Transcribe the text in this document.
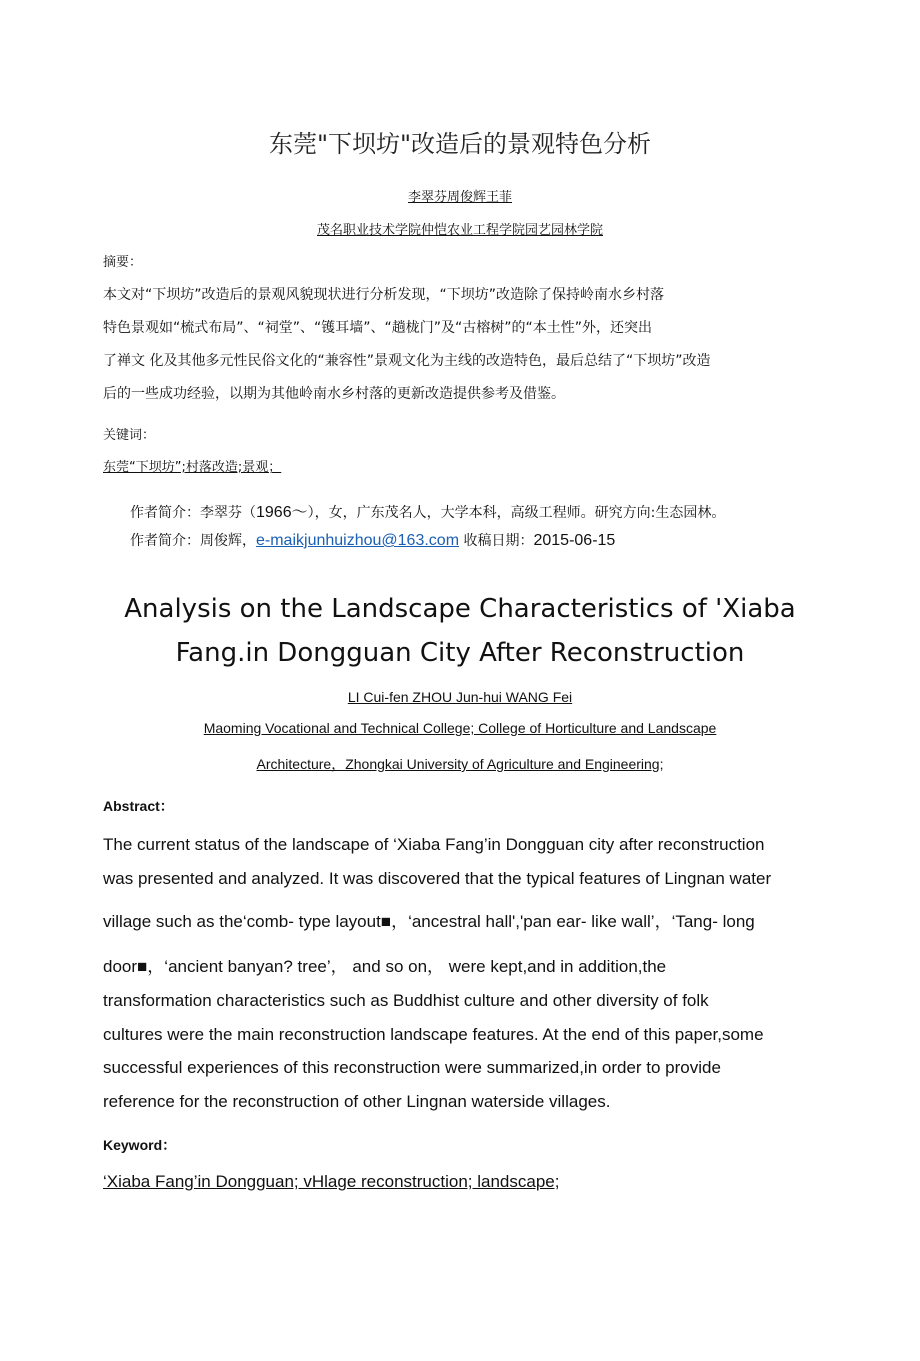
东莞"下坝坊"改造后的景观特色分析
李翠芬周俊辉王菲
茂名职业技术学院仲恺农业工程学院园艺园林学院
摘要：
本文对“下坝坊”改造后的景观风貌现状进行分析发现，“下坝坊”改造除了保持岭南水乡村落
特色景观如“梳式布局”、“祠堂”、“镬耳墙”、“趟栊门”及“古榕树”的“本土性”外，还突出
了禅文 化及其他多元性民俗文化的“兼容性”景观文化为主线的改造特色，最后总结了“下坝坊”改造
后的一些成功经验，以期为其他岭南水乡村落的更新改造提供参考及借鉴。
关键词：
东莞“下坝坊”;村落改造;景观；
作者简介：李翠芬（1966～），女，广东茂名人，大学本科，高级工程师。研究方向:生态园林。
作者简介：周俊辉，e-maikjunhuizhou@163.com 收稿日期：2015-06-15
Analysis on the Landscape Characteristics of 'Xiaba
Fang.in Dongguan City After Reconstruction
LI Cui-fen ZHOU Jun-hui WANG Fei
Maoming Vocational and Technical College; College of Horticulture and Landscape
Architecture，Zhongkai University of Agriculture and Engineering;
Abstract：
The current status of the landscape of ‘Xiaba Fang’in Dongguan city after reconstruction
was presented and analyzed. It was discovered that the typical features of Lingnan water
village such as the‘comb- type layout■，‘ancestral hall','pan ear- like wall’，‘Tang- long
door■，‘ancient banyan? tree’， and so on， were kept,and in addition,the
transformation characteristics such as Buddhist culture and other diversity of folk
cultures were the main reconstruction landscape features. At the end of this paper,some
successful experiences of this reconstruction were summarized,in order to provide
reference for the reconstruction of other Lingnan waterside villages.
Keyword：
‘Xiaba Fang’in Dongguan; vHlage reconstruction; landscape;
